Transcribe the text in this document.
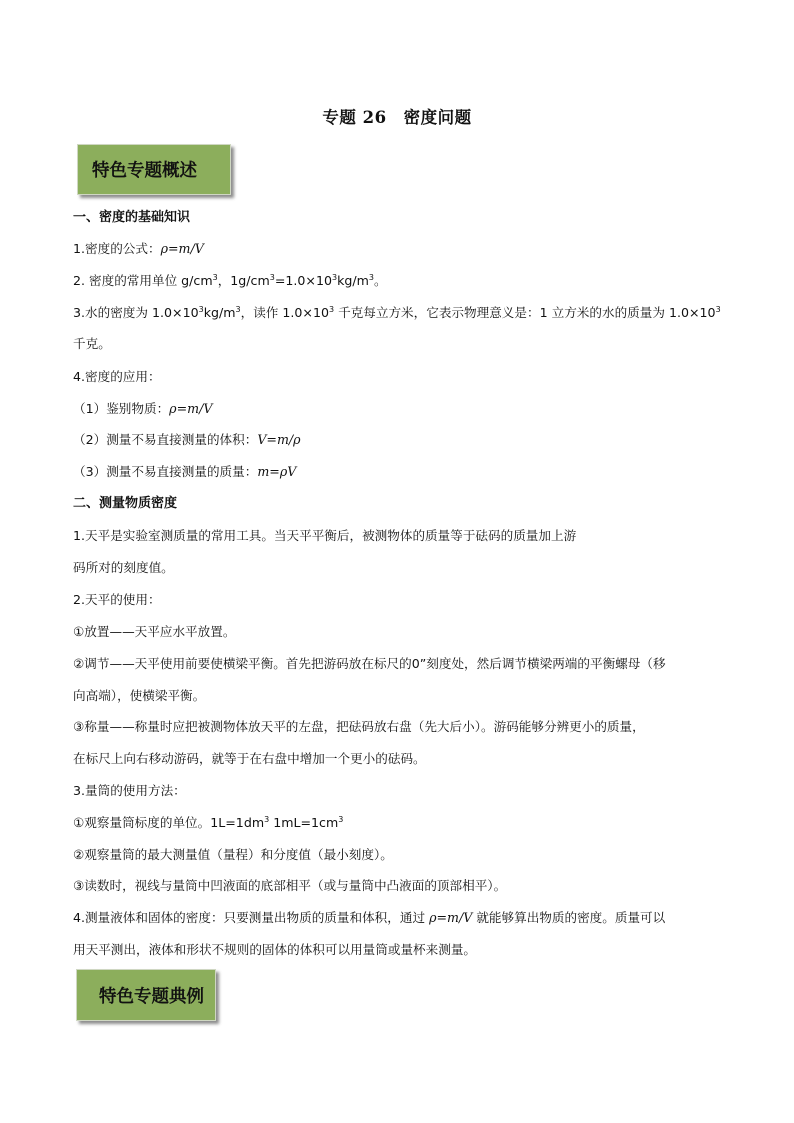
专题 26　密度问题
特色专题概述
一、密度的基础知识
1.密度的公式：ρ=m/V
2. 密度的常用单位 $g/cm^3$，$1g/cm^3=1.0\times 10^3kg/m^3$。
3.水的密度为 $1.0\times 10^3kg/m^3$，读作 $1.0\times 10^3$ 千克每立方米，它表示物理意义是：1 立方米的水的质量为 $1.0\times 10^3$
千克。
4.密度的应用：
（1）鉴别物质：ρ=m/V
（2）测量不易直接测量的体积：V=m/ρ
（3）测量不易直接测量的质量：m=ρV
二、测量物质密度
1.天平是实验室测质量的常用工具。当天平平衡后，被测物体的质量等于砝码的质量加上游
码所对的刻度值。
2.天平的使用：
①放置——天平应水平放置。
②调节——天平使用前要使横梁平衡。首先把游码放在标尺的0”刻度处，然后调节横梁两端的平衡螺母（移
向高端），使横梁平衡。
③称量——称量时应把被测物体放天平的左盘，把砝码放右盘（先大后小）。游码能够分辨更小的质量，
在标尺上向右移动游码，就等于在右盘中增加一个更小的砝码。
3.量筒的使用方法：
①观察量筒标度的单位。$1L=1dm^3$ $1mL=1cm^3$
②观察量筒的最大测量值（量程）和分度值（最小刻度）。
③读数时，视线与量筒中凹液面的底部相平（或与量筒中凸液面的顶部相平）。
4.测量液体和固体的密度：只要测量出物质的质量和体积，通过 ρ=m/V 就能够算出物质的密度。质量可以
用天平测出，液体和形状不规则的固体的体积可以用量筒或量杯来测量。
特色专题典例
